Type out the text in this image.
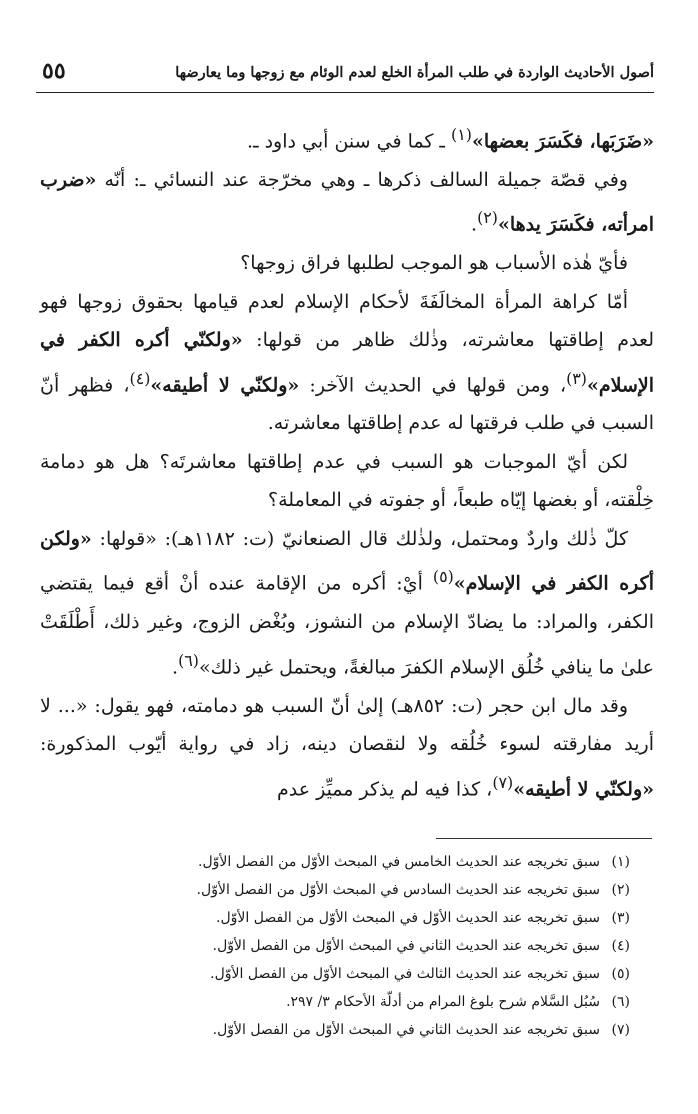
أصول الأحاديث الواردة في طلب المرأة الخلع لعدم الوئام مع زوجها وما يعارضها
٥٥

«ضَرَبَها، فكَسَرَ بعضها»$^{(١)}$ ـ كما في سنن أبي داود ـ.

وفي قصّة جميلة السالف ذكرها ـ وهي مخرّجة عند النسائي ـ: أنّه «ضرب امرأته، فكَسَرَ يدها»$^{(٢)}$.

فأيّ هٰذه الأسباب هو الموجب لطلبها فراق زوجها؟

أمّا كراهة المرأة المخالَفَةَ لأحكام الإسلام لعدم قيامها بحقوق زوجها فهو لعدم إطاقتها معاشرته، وذٰلك ظاهر من قولها: «ولكنّي أكره الكفر في الإسلام»$^{(٣)}$، ومن قولها في الحديث الآخر: «ولكنّي لا أطيقه»$^{(٤)}$، فظهر أنّ السبب في طلب فرقتها له عدم إطاقتها معاشرته.

لكن أيّ الموجبات هو السبب في عدم إطاقتها معاشرتَه؟ هل هو دمامة خِلْقته، أو بغضها إيّاه طبعاً، أو جفوته في المعاملة؟

كلّ ذٰلك واردٌ ومحتمل، ولذٰلك قال الصنعانيّ (ت: ١١٨٢هـ): «قولها: «ولكن أكره الكفر في الإسلام»$^{(٥)}$ أيْ: أكره من الإقامة عنده أنْ أقع فيما يقتضي الكفر، والمراد: ما يضادّ الإسلام من النشوز، وبُغْض الزوج، وغير ذلك، أَطْلَقَتْ علىٰ ما ينافي خُلُق الإسلام الكفرَ مبالغةً، ويحتمل غير ذلك»$^{(٦)}$.

وقد مال ابن حجر (ت: ٨٥٢هـ) إلىٰ أنّ السبب هو دمامته، فهو يقول: «... لا أريد مفارقته لسوء خُلُقه ولا لنقصان دينه، زاد في رواية أيّوب المذكورة: «ولكنّي لا أطيقه»$^{(٧)}$، كذا فيه لم يذكر مميِّز عدم

(١)سبق تخريجه عند الحديث الخامس في المبحث الأوّل من الفصل الأوّل.
(٢)سبق تخريجه عند الحديث السادس في المبحث الأوّل من الفصل الأوّل.
(٣)سبق تخريجه عند الحديث الأوّل في المبحث الأوّل من الفصل الأوّل.
(٤)سبق تخريجه عند الحديث الثاني في المبحث الأوّل من الفصل الأوّل.
(٥)سبق تخريجه عند الحديث الثالث في المبحث الأوّل من الفصل الأوّل.
(٦)سُبُل السَّلام شرح بلوغ المرام من أدلّة الأحكام ٣/ ٢٩٧.
(٧)سبق تخريجه عند الحديث الثاني في المبحث الأوّل من الفصل الأوّل.
